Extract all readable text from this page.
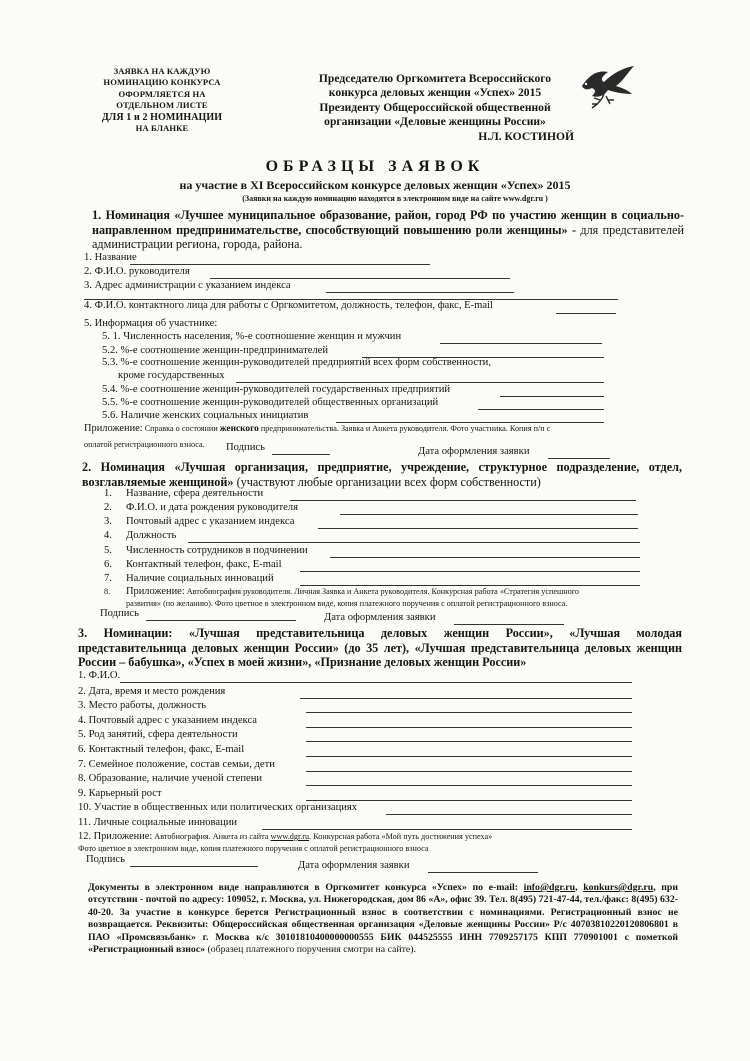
ЗАЯВКА НА КАЖДУЮ
НОМИНАЦИЮ КОНКУРСА
ОФОРМЛЯЕТСЯ НА
ОТДЕЛЬНОМ ЛИСТЕ
ДЛЯ 1 и 2 НОМИНАЦИИ
НА БЛАНКЕ
Председателю Оргкомитета Всероссийского
конкурса деловых женщин «Успех» 2015
Президенту Общероссийской общественной
организации «Деловые женщины России»
Н.Л. КОСТИНОЙ
ОБРАЗЦЫ ЗАЯВОК
на участие в XI Всероссийском конкурсе деловых женщин «Успех» 2015
(Заявки на каждую номинацию находятся в электронном виде на сайте www.dgr.ru )
1. Номинация «Лучшее муниципальное образование, район, город РФ по участию женщин в социально-направленном предпринимательстве, способствующий повышению роли женщины» - для представителей администрации региона, города, района.
1. Название
2. Ф.И.О. руководителя
3. Адрес администрации с указанием индекса
4. Ф.И.О. контактного лица для работы с Оргкомитетом, должность, телефон, факс, E-mail
5. Информация об участнике:
5. 1. Численность населения, %-е соотношение женщин и мужчин
5.2. %-е соотношение женщин-предпринимателей
5.3. %-е соотношение женщин-руководителей предприятий всех форм собственности,
кроме государственных
5.4. %-е соотношение женщин-руководителей государственных предприятий
5.5. %-е соотношение женщин-руководителей общественных организаций
5.6. Наличие женских социальных инициатив
Приложение: Справка о состоянии женского предпринимательства. Заявка и Анкета руководителя. Фото участника. Копия п/п с
оплатой регистрационного взноса. Подпись	Дата оформления заявки
2. Номинация «Лучшая организация, предприятие, учреждение, структурное подразделение, отдел, возглавляемые женщиной» (участвуют любые организации всех форм собственности)
1. Название, сфера деятельности
2. Ф.И.О. и дата рождения руководителя
3. Почтовый адрес с указанием индекса
4. Должность
5. Численность сотрудников в подчинении
6. Контактный телефон, факс, E-mail
7. Наличие социальных инноваций
8. Приложение: Автобиография руководителя. Личная Заявка и Анкета руководителя. Конкурсная работа «Стратегия успешного
развития» (по желанию). Фото цветное в электронном виде, копия платежного поручения с оплатой регистрационного взноса.
Подпись	Дата оформления заявки
3. Номинации: «Лучшая представительница деловых женщин России», «Лучшая молодая представительница деловых женщин России» (до 35 лет), «Лучшая представительница деловых женщин России – бабушка», «Успех в моей жизни», «Признание деловых женщин России»
1. Ф.И.О.
2. Дата, время и место рождения
3. Место работы, должность
4. Почтовый адрес с указанием индекса
5. Род занятий, сфера деятельности
6. Контактный телефон, факс, E-mail
7. Семейное положение, состав семьи, дети
8. Образование, наличие ученой степени
9. Карьерный рост
10. Участие в общественных или политических организациях
11. Личные социальные инновации
12. Приложение: Автобиография. Анкета из сайта www.dgr.ru. Конкурсная работа «Мой путь достижения успеха»
Фото цветное в электронном виде, копия платежного поручения с оплатой регистрационного взноса
Подпись
Дата оформления заявки
Документы в электронном виде направляются в Оргкомитет конкурса «Успех» по e-mail: info@dgr.ru, konkurs@dgr.ru, при отсутствии - почтой по адресу: 109052, г. Москва, ул. Нижегородская, дом 86 «А», офис 39. Тел. 8(495) 721-47-44, тел./факс: 8(495) 632-40-20. За участие в конкурсе берется Регистрационный взнос в соответствии с номинациями. Регистрационный взнос не возвращается. Реквизиты: Общероссийская общественная организация «Деловые женщины России» Р/с 40703810220120806801 в ПАО «Промсвязьбанк» г. Москва к/с 30101810400000000555 БИК 044525555 ИНН 7709257175 КПП 770901001 с пометкой «Регистрационный взнос» (образец платежного поручения смотри на сайте).
